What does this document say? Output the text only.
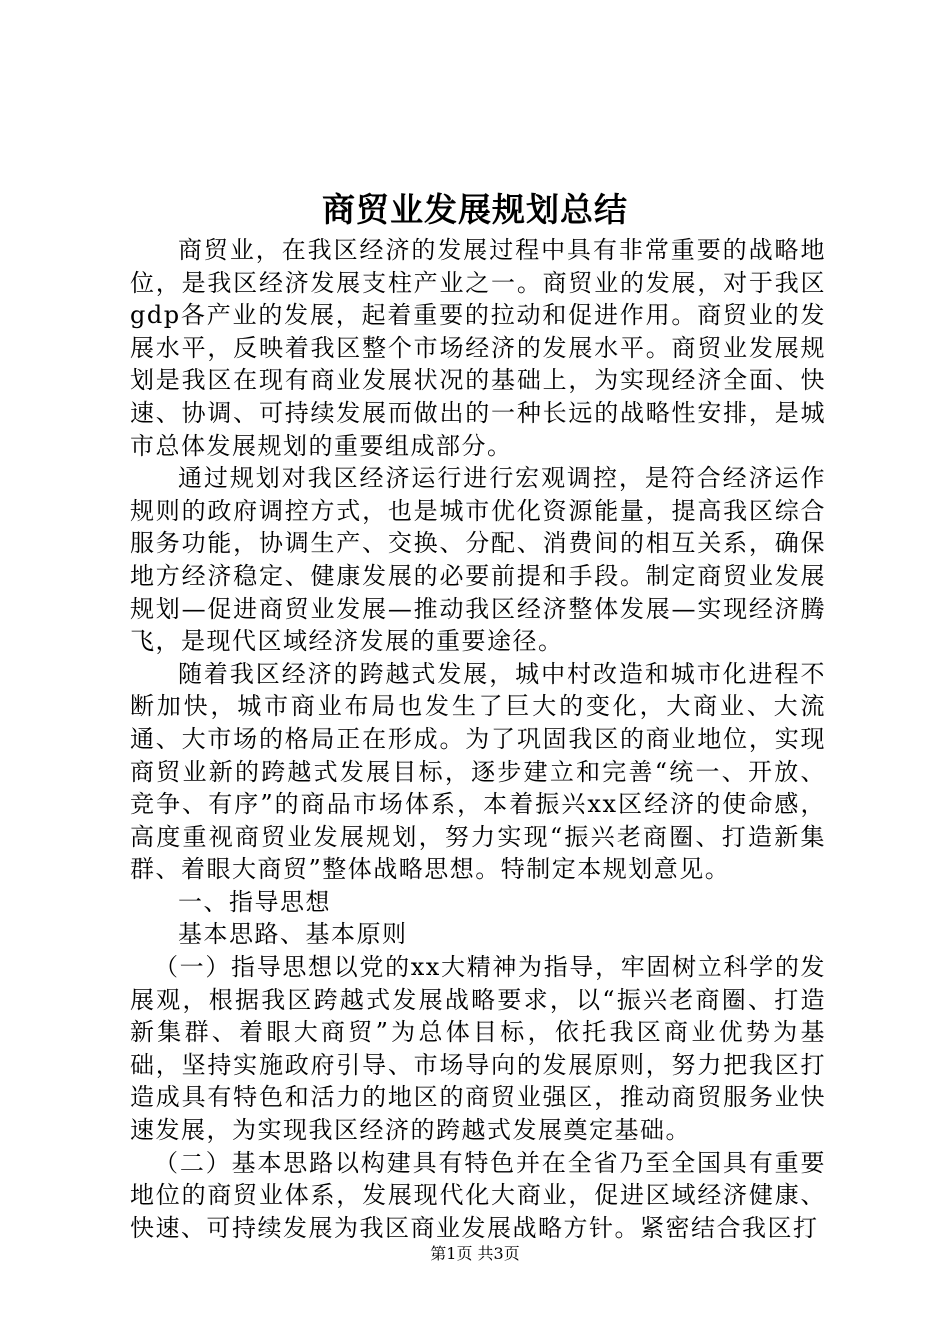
商贸业发展规划总结

商贸业，在我区经济的发展过程中具有非常重要的战略地位，是我区经济发展支柱产业之一。商贸业的发展，对于我区gdp各产业的发展，起着重要的拉动和促进作用。商贸业的发展水平，反映着我区整个市场经济的发展水平。商贸业发展规划是我区在现有商业发展状况的基础上，为实现经济全面、快速、协调、可持续发展而做出的一种长远的战略性安排，是城市总体发展规划的重要组成部分。

通过规划对我区经济运行进行宏观调控，是符合经济运作规则的政府调控方式，也是城市优化资源能量，提高我区综合服务功能，协调生产、交换、分配、消费间的相互关系，确保地方经济稳定、健康发展的必要前提和手段。制定商贸业发展规划—促进商贸业发展—推动我区经济整体发展—实现经济腾飞，是现代区域经济发展的重要途径。

随着我区经济的跨越式发展，城中村改造和城市化进程不断加快，城市商业布局也发生了巨大的变化，大商业、大流通、大市场的格局正在形成。为了巩固我区的商业地位，实现商贸业新的跨越式发展目标，逐步建立和完善“统一、开放、竞争、有序”的商品市场体系，本着振兴xx区经济的使命感，高度重视商贸业发展规划，努力实现“振兴老商圈、打造新集群、着眼大商贸”整体战略思想。特制定本规划意见。

一、指导思想

基本思路、基本原则

（一）指导思想以党的xx大精神为指导，牢固树立科学的发展观，根据我区跨越式发展战略要求，以“振兴老商圈、打造新集群、着眼大商贸”为总体目标，依托我区商业优势为基础，坚持实施政府引导、市场导向的发展原则，努力把我区打造成具有特色和活力的地区的商贸业强区，推动商贸服务业快速发展，为实现我区经济的跨越式发展奠定基础。

（二）基本思路以构建具有特色并在全省乃至全国具有重要地位的商贸业体系，发展现代化大商业，促进区域经济健康、快速、可持续发展为我区商业发展战略方针。紧密结合我区打

第1页 共3页
